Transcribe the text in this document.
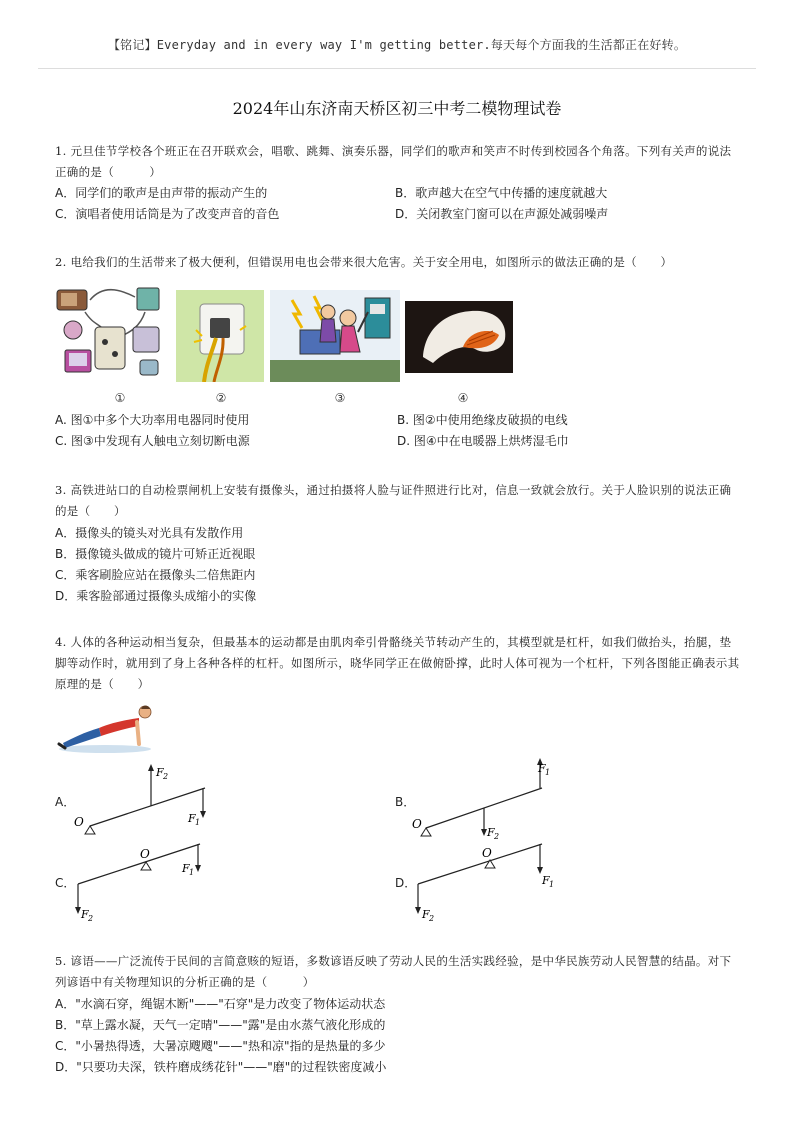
【铭记】Everyday and in every way I'm getting better.每天每个方面我的生活都正在好转。
2024年山东济南天桥区初三中考二模物理试卷
1. 元旦佳节学校各个班正在召开联欢会，唱歌、跳舞、演奏乐器，同学们的歌声和笑声不时传到校园各个角落。下列有关声的说法正确的是（　　　）
A．同学们的歌声是由声带的振动产生的	B．歌声越大在空气中传播的速度就越大
C．演唱者使用话筒是为了改变声音的音色	D．关闭教室门窗可以在声源处减弱噪声
2. 电给我们的生活带来了极大便利，但错误用电也会带来很大危害。关于安全用电，如图所示的做法正确的是（　　）
①	②	③	④
A. 图①中多个大功率用电器同时使用	B. 图②中使用绝缘皮破损的电线
C. 图③中发现有人触电立刻切断电源	D. 图④中在电暖器上烘烤湿毛巾
3. 高铁进站口的自动检票闸机上安装有摄像头，通过拍摄将人脸与证件照进行比对，信息一致就会放行。关于人脸识别的说法正确的是（　　）
A．摄像头的镜头对光具有发散作用
B．摄像镜头做成的镜片可矫正近视眼
C．乘客刷脸应站在摄像头二倍焦距内
D．乘客脸部通过摄像头成缩小的实像
4. 人体的各种运动相当复杂，但最基本的运动都是由肌肉牵引骨骼绕关节转动产生的，其模型就是杠杆，如我们做抬头，抬腿，垫脚等动作时，就用到了身上各种各样的杠杆。如图所示，晓华同学正在做俯卧撑，此时人体可视为一个杠杆，下列各图能正确表示其原理的是（　　）
A．
O
F 2
F 1
B．
O
F 2
F 1
C．
O
F 1
F 2
D．
O
F 1
F 2
5. 谚语——广泛流传于民间的言简意赅的短语，多数谚语反映了劳动人民的生活实践经验，是中华民族劳动人民智慧的结晶。对下列谚语中有关物理知识的分析正确的是（　　　）
A．"水滴石穿，绳锯木断"——"石穿"是力改变了物体运动状态
B．"草上露水凝，天气一定晴"——"露"是由水蒸气液化形成的
C．"小暑热得透，大暑凉飕飕"——"热和凉"指的是热量的多少
D．"只要功夫深，铁杵磨成绣花针"——"磨"的过程铁密度减小
